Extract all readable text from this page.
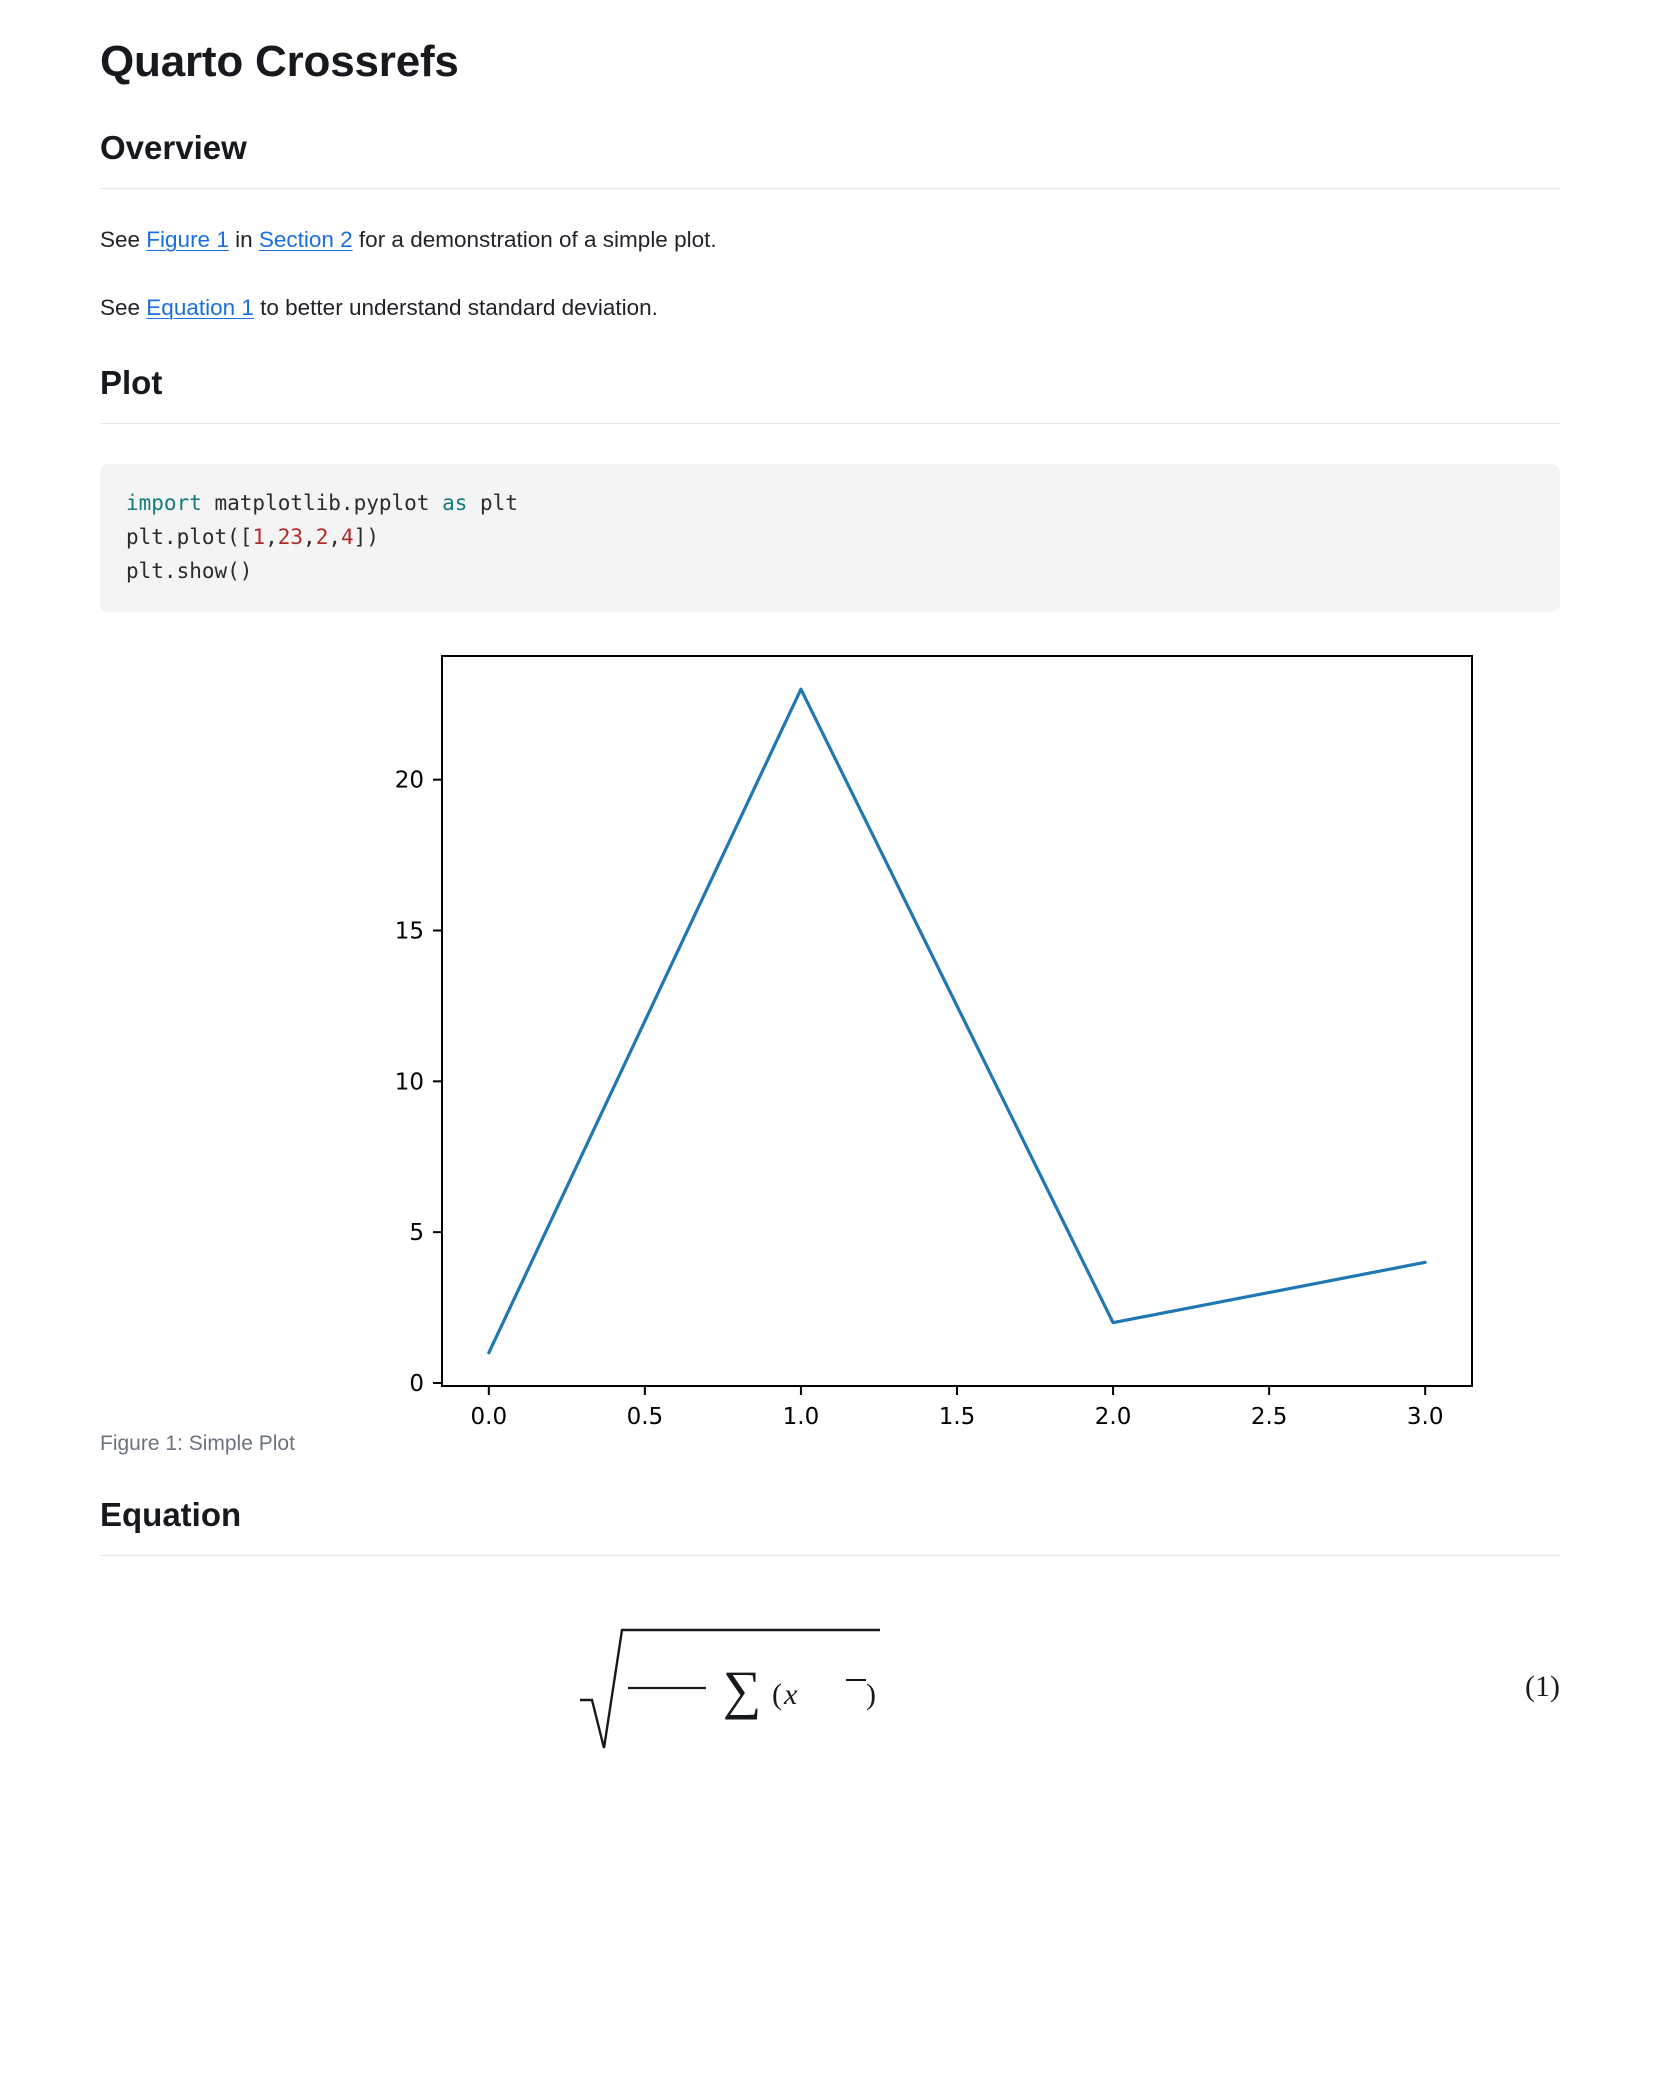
Quarto Crossrefs
Overview

See Figure 1 in Section 2 for a demonstration of a simple plot.

See Equation 1 to better understand standard deviation.

Plot
import matplotlib.pyplot as plt
plt.plot([1,23,2,4])
plt.show()
0
5
10
15
20
0.0	0.5	1.0	1.5	2.0	2.5	3.0
Figure 1: Simple Plot
Equation
∑ ( x )	(1)
